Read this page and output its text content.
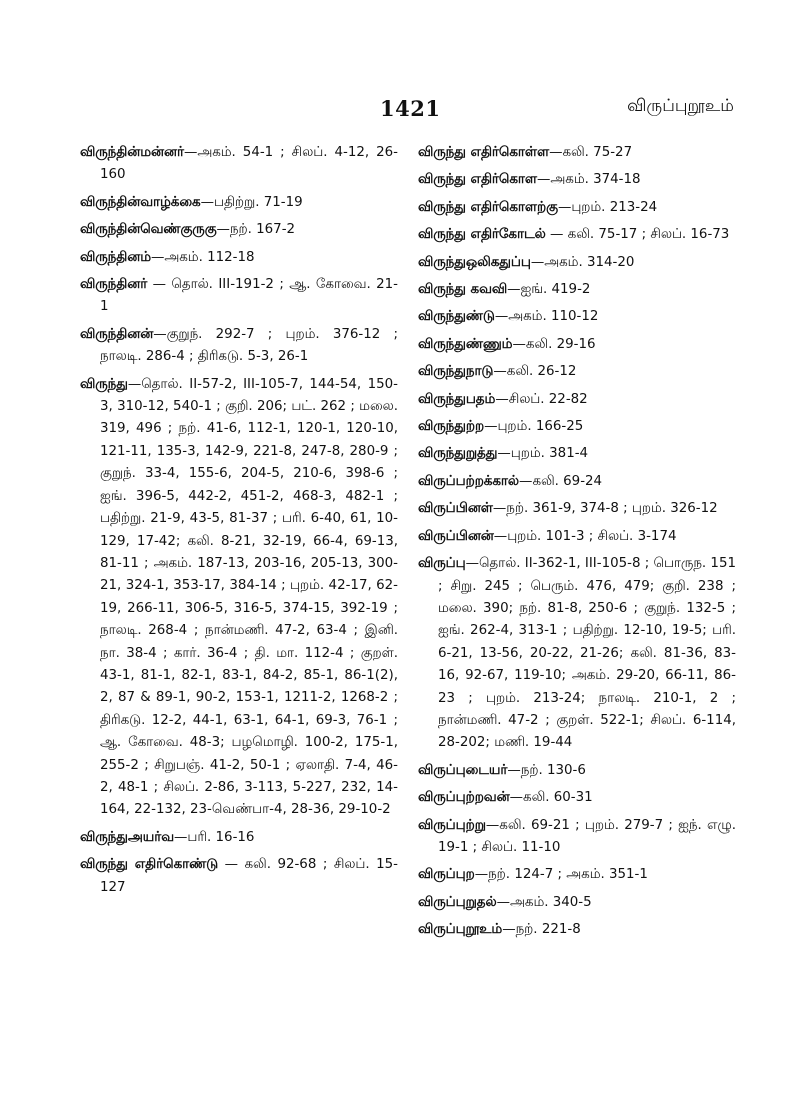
1421	விருப்புறூஉம்
விருந்தின்மன்னர்—அகம். 54-1 ; சிலப். 4-12, 26-160
விருந்தின்வாழ்க்கை—பதிற்று. 71-19
விருந்தின்வெண்குருகு—நற். 167-2
விருந்தினம்—அகம். 112-18
விருந்தினர் — தொல். III-191-2 ; ஆ. கோவை. 21-1
விருந்தினன்—குறுந். 292-7 ; புறம். 376-12 ; நாலடி. 286-4 ; திரிகடு. 5-3, 26-1
விருந்து—தொல். II-57-2, III-105-7, 144-54, 150-3, 310-12, 540-1 ; குறி. 206; பட். 262 ; மலை. 319, 496 ; நற். 41-6, 112-1, 120-1, 120-10, 121-11, 135-3, 142-9, 221-8, 247-8, 280-9 ; குறுந். 33-4, 155-6, 204-5, 210-6, 398-6 ; ஐங். 396-5, 442-2, 451-2, 468-3, 482-1 ; பதிற்று. 21-9, 43-5, 81-37 ; பரி. 6-40, 61, 10-129, 17-42; கலி. 8-21, 32-19, 66-4, 69-13, 81-11 ; அகம். 187-13, 203-16, 205-13, 300-21, 324-1, 353-17, 384-14 ; புறம். 42-17, 62-19, 266-11, 306-5, 316-5, 374-15, 392-19 ; நாலடி. 268-4 ; நான்மணி. 47-2, 63-4 ; இனி. நா. 38-4 ; கார். 36-4 ; தி. மா. 112-4 ; குறள். 43-1, 81-1, 82-1, 83-1, 84-2, 85-1, 86-1(2), 2, 87 & 89-1, 90-2, 153-1, 1211-2, 1268-2 ; திரிகடு. 12-2, 44-1, 63-1, 64-1, 69-3, 76-1 ; ஆ. கோவை. 48-3; பழமொழி. 100-2, 175-1, 255-2 ; சிறுபஞ். 41-2, 50-1 ; ஏலாதி. 7-4, 46-2, 48-1 ; சிலப். 2-86, 3-113, 5-227, 232, 14-164, 22-132, 23-வெண்பா-4, 28-36, 29-10-2
விருந்துஅயர்வ—பரி. 16-16
விருந்து எதிர்கொண்டு — கலி. 92-68 ; சிலப். 15-127
விருந்து எதிர்கொள்ள—கலி. 75-27
விருந்து எதிர்கொள—அகம். 374-18
விருந்து எதிர்கொளற்கு—புறம். 213-24
விருந்து எதிர்கோடல் — கலி. 75-17 ; சிலப். 16-73
விருந்துஒலிகதுப்பு—அகம். 314-20
விருந்து கவவி—ஐங். 419-2
விருந்துண்டு—அகம். 110-12
விருந்துண்ணும்—கலி. 29-16
விருந்துநாடு—கலி. 26-12
விருந்துபதம்—சிலப். 22-82
விருந்துற்ற—புறம். 166-25
விருந்துறுத்து—புறம். 381-4
விருப்பற்றக்கால்—கலி. 69-24
விருப்பினள்—நற். 361-9, 374-8 ; புறம். 326-12
விருப்பினன்—புறம். 101-3 ; சிலப். 3-174
விருப்பு—தொல். II-362-1, III-105-8 ; பொருந. 151 ; சிறு. 245 ; பெரும். 476, 479; குறி. 238 ; மலை. 390; நற். 81-8, 250-6 ; குறுந். 132-5 ; ஐங். 262-4, 313-1 ; பதிற்று. 12-10, 19-5; பரி. 6-21, 13-56, 20-22, 21-26; கலி. 81-36, 83-16, 92-67, 119-10; அகம். 29-20, 66-11, 86-23 ; புறம். 213-24; நாலடி. 210-1, 2 ; நான்மணி. 47-2 ; குறள். 522-1; சிலப். 6-114, 28-202; மணி. 19-44
விருப்புடையர்—நற். 130-6
விருப்புற்றவன்—கலி. 60-31
விருப்புற்று—கலி. 69-21 ; புறம். 279-7 ; ஐந். எழு. 19-1 ; சிலப். 11-10
விருப்புற—நற். 124-7 ; அகம். 351-1
விருப்புறுதல்—அகம். 340-5
விருப்புறூஉம்—நற். 221-8
